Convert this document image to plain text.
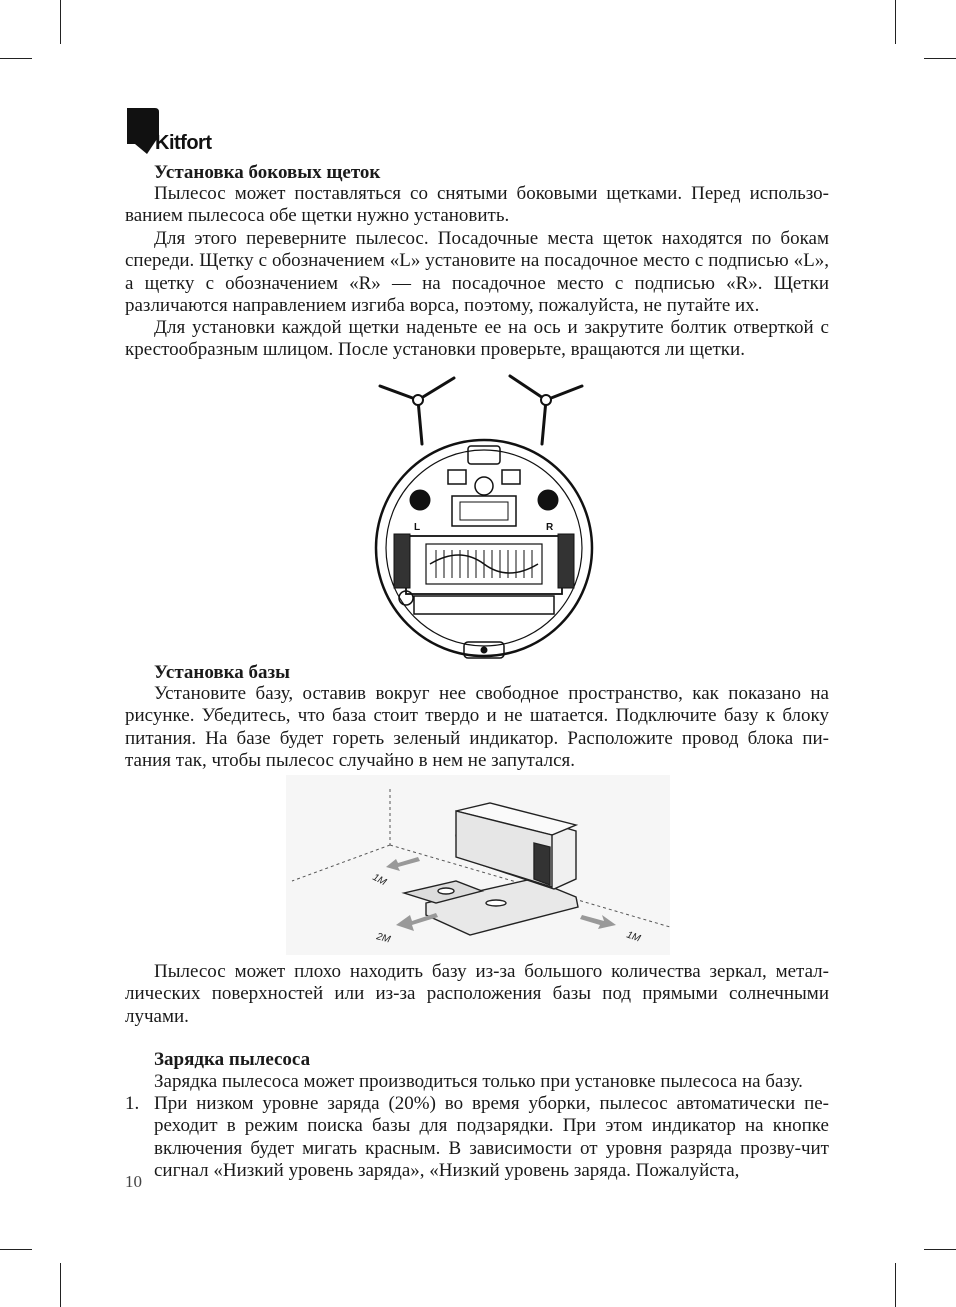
Kitfort
Установка боковых щеток

Пылесос может поставляться со снятыми боковыми щетками. Перед использо-ванием пылесоса обе щетки нужно установить.

Для этого переверните пылесос. Посадочные места щеток находятся по бокам спереди. Щетку с обозначением «L» установите на посадочное место с подписью «L», а щетку с обозначением «R» — на посадочное место с подписью «R». Щетки различаются направлением изгиба ворса, поэтому, пожалуйста, не путайте их.

Для установки каждой щетки наденьте ее на ось и закрутите болтик отверткой с крестообразным шлицом. После установки проверьте, вращаются ли щетки.

L	R
Установка базы

Установите базу, оставив вокруг нее свободное пространство, как показано на рисунке. Убедитесь, что база стоит твердо и не шатается. Подключите базу к блоку питания. На базе будет гореть зеленый индикатор. Расположите провод блока пи-тания так, чтобы пылесос случайно в нем не запутался.

1M
2M	1M

Пылесос может плохо находить базу из-за большого количества зеркал, метал-лических поверхностей или из-за расположения базы под прямыми солнечными лучами.

Зарядка пылесоса

Зарядка пылесоса может производиться только при установке пылесоса на базу.

1. При низком уровне заряда (20%) во время уборки, пылесос автоматически пе-реходит в режим поиска базы для подзарядки. При этом индикатор на кнопке включения будет мигать красным. В зависимости от уровня разряда прозву-чит сигнал «Низкий уровень заряда», «Низкий уровень заряда. Пожалуйста,
10
